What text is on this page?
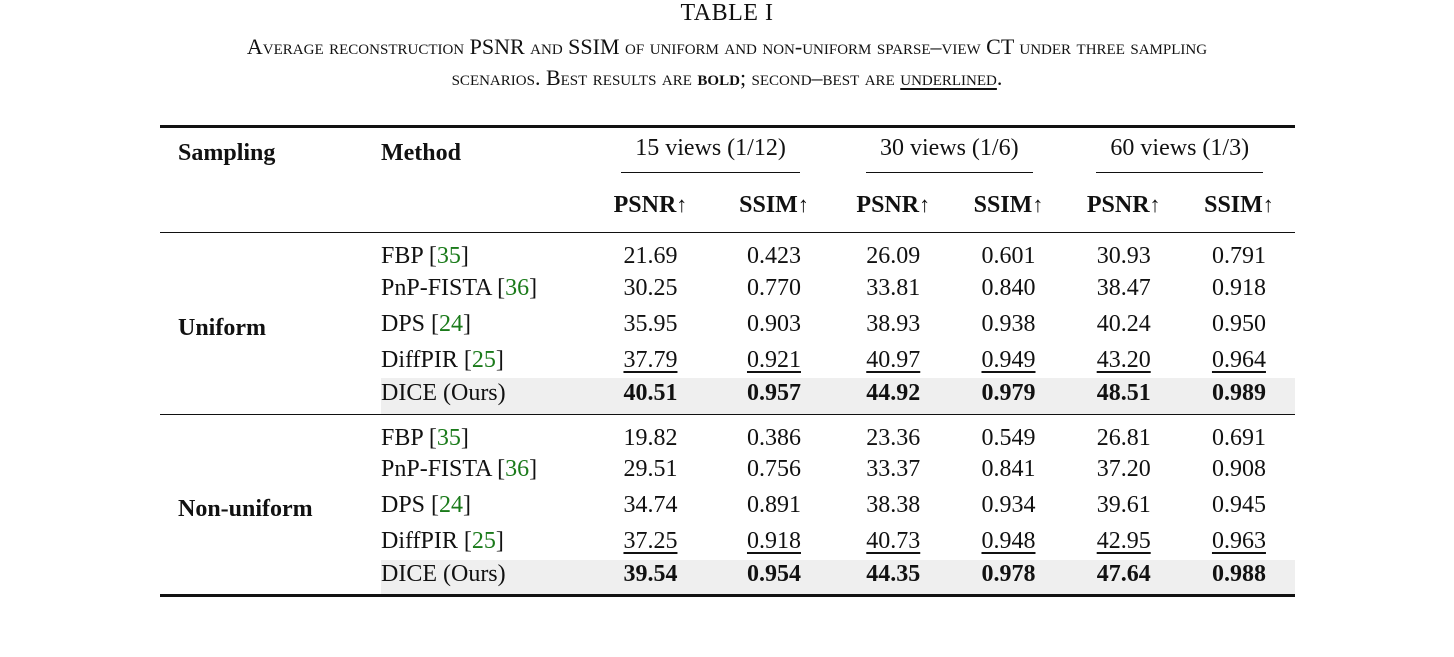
TABLE I
Average reconstruction PSNR and SSIM of uniform and non-uniform sparse–view CT under three sampling
scenarios. Best results are bold; second–best are underlined.
Sampling	Method	15 views (1/12)		30 views (1/6)		60 views (1/3)	
		PSNR↑	SSIM↑	PSNR↑	SSIM↑	PSNR↑	SSIM↑
Uniform	FBP [35]	21.69	0.423	26.09	0.601	30.93	0.791
	PnP-FISTA [36]	30.25	0.770	33.81	0.840	38.47	0.918
	DPS [24]	35.95	0.903	38.93	0.938	40.24	0.950
	DiffPIR [25]	37.79	0.921	40.97	0.949	43.20	0.964
	DICE (Ours)	40.51	0.957	44.92	0.979	48.51	0.989
Non-uniform	FBP [35]	19.82	0.386	23.36	0.549	26.81	0.691
	PnP-FISTA [36]	29.51	0.756	33.37	0.841	37.20	0.908
	DPS [24]	34.74	0.891	38.38	0.934	39.61	0.945
	DiffPIR [25]	37.25	0.918	40.73	0.948	42.95	0.963
	DICE (Ours)	39.54	0.954	44.35	0.978	47.64	0.988
